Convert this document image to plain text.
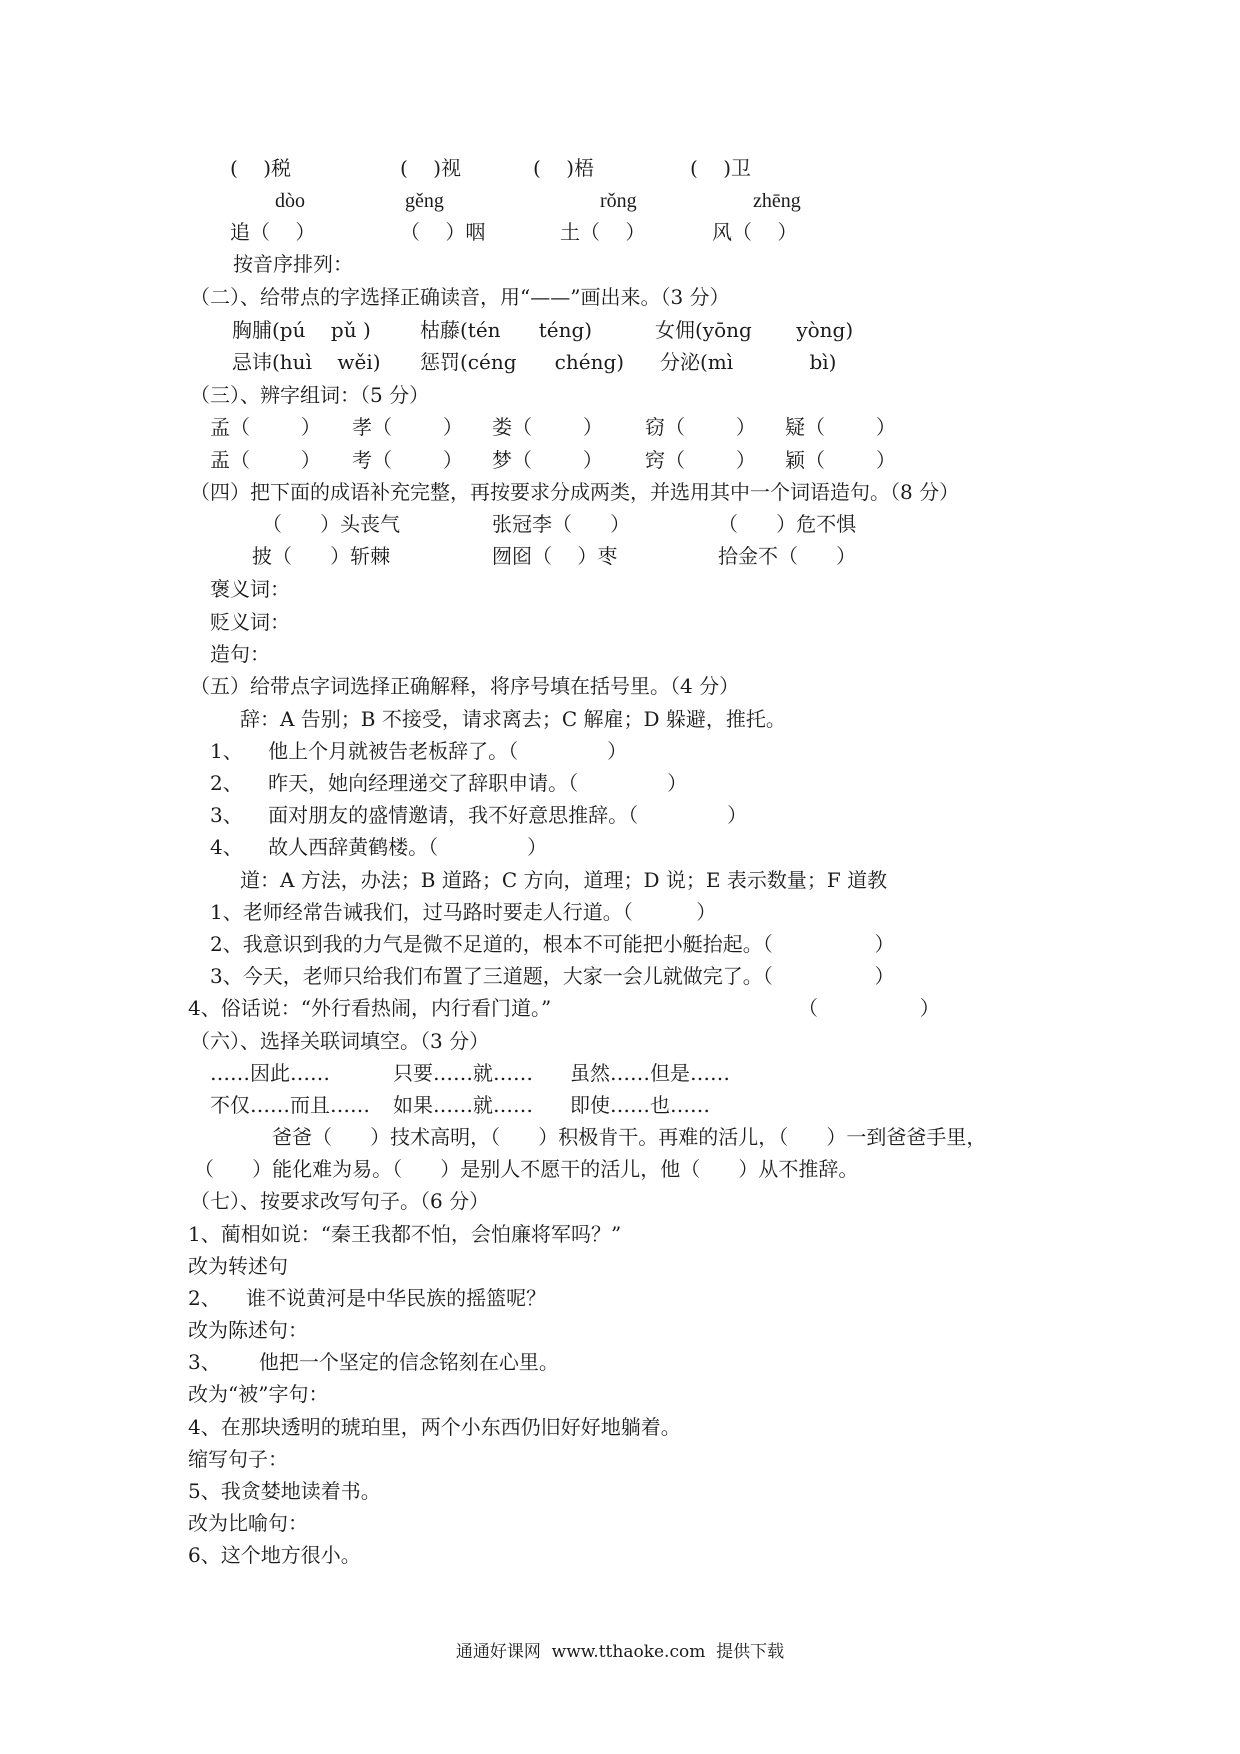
(    )税	(    )视	(    )梧	(    )卫
dòo	gěng	rǒng	zhēng
追（    ）	（    ）咽	土（    ）	风（    ）
按音序排列：
（二）、给带点的字选择正确读音，用“——”画出来。（3 分）
胸脯(pú    pǔ ) 枯藤(tén      téng)	女佣(yōng       yòng)
忌讳(huì    wěi) 惩罚(céng      chéng) 分泌(mì            bì)
（三）、辨字组词：（5 分）
孟（        ） 孝（        ） 娄（        ） 窃（        ） 疑（        ）
盂（        ） 考（        ） 梦（        ） 窍（        ） 颖（        ）
（四）把下面的成语补充完整，再按要求分成两类，并选用其中一个词语造句。（8 分）
（      ）头丧气	张冠李（      ）	（      ）危不惧
披（      ）斩棘	囫囵（    ）枣	拾金不（      ）
褒义词：
贬义词：
造句：
（五）给带点字词选择正确解释，将序号填在括号里。（4 分）
辞：A 告别；B 不接受，请求离去；C 解雇；D 躲避，推托。
1、    他上个月就被告老板辞了。（              ）
2、    昨天，她向经理递交了辞职申请。（              ）
3、    面对朋友的盛情邀请，我不好意思推辞。（              ）
4、    故人西辞黄鹤楼。（              ）
道：A 方法，办法；B 道路；C 方向，道理；D 说；E 表示数量；F 道教
1、老师经常告诫我们，过马路时要走人行道。（          ）
2、我意识到我的力气是微不足道的，根本不可能把小艇抬起。（                ）
3、今天，老师只给我们布置了三道题，大家一会儿就做完了。（                ）
4、俗话说：“外行看热闹，内行看门道。”	（                ）
（六）、选择关联词填空。（3 分）
……因此……	只要……就…… 虽然……但是……
不仅……而且…… 如果……就…… 即使……也……
爸爸（      ）技术高明，（      ）积极肯干。再难的活儿，（      ）一到爸爸手里，
（      ）能化难为易。（      ）是别人不愿干的活儿，他（      ）从不推辞。
（七）、按要求改写句子。（6 分）
1、蔺相如说：“秦王我都不怕，会怕廉将军吗？”
改为转述句
2、    谁不说黄河是中华民族的摇篮呢？
改为陈述句：
3、      他把一个坚定的信念铭刻在心里。
改为“被”字句：
4、在那块透明的琥珀里，两个小东西仍旧好好地躺着。
缩写句子：
5、我贪婪地读着书。
改为比喻句：
6、这个地方很小。
通通好课网  www.tthaoke.com  提供下载
